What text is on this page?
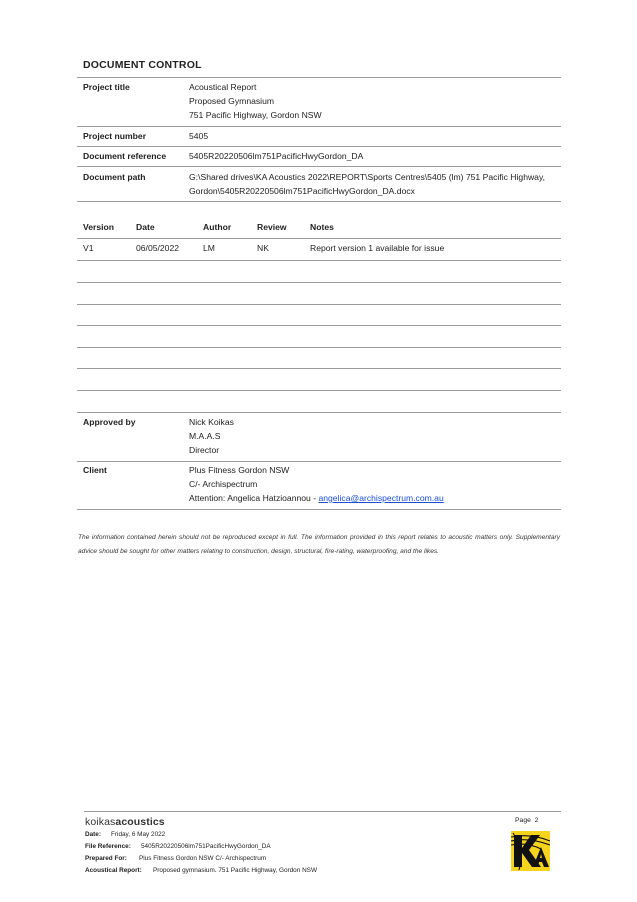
DOCUMENT CONTROL
Project title	Acoustical Report
Proposed Gymnasium
751 Pacific Highway, Gordon NSW
Project number	5405
Document reference	5405R20220506lm751PacificHwyGordon_DA
Document path	G:\Shared drives\KA Acoustics 2022\REPORT\Sports Centres\5405 (lm) 751 Pacific Highway,
Gordon\5405R20220506lm751PacificHwyGordon_DA.docx
Version	Date	Author	Review	Notes
V1	06/05/2022	LM	NK	Report version 1 available for issue
Approved by	Nick Koikas
M.A.A.S
Director
Client	Plus Fitness Gordon NSW
C/- Archispectrum
Attention: Angelica Hatzioannou - angelica@archispectrum.com.au
The information contained herein should not be reproduced except in full. The information provided in this report relates to acoustic matters only. Supplementary advice should be sought for other matters relating to construction, design, structural, fire-rating, waterproofing, and the likes.
koikasacoustics
Date: Friday, 6 May 2022
File Reference: 5405R20220506lm751PacificHwyGordon_DA
Prepared For: Plus Fitness Gordon NSW C/- Archispectrum
Acoustical Report: Proposed gymnasium. 751 Pacific Highway, Gordon NSW
Page 2
